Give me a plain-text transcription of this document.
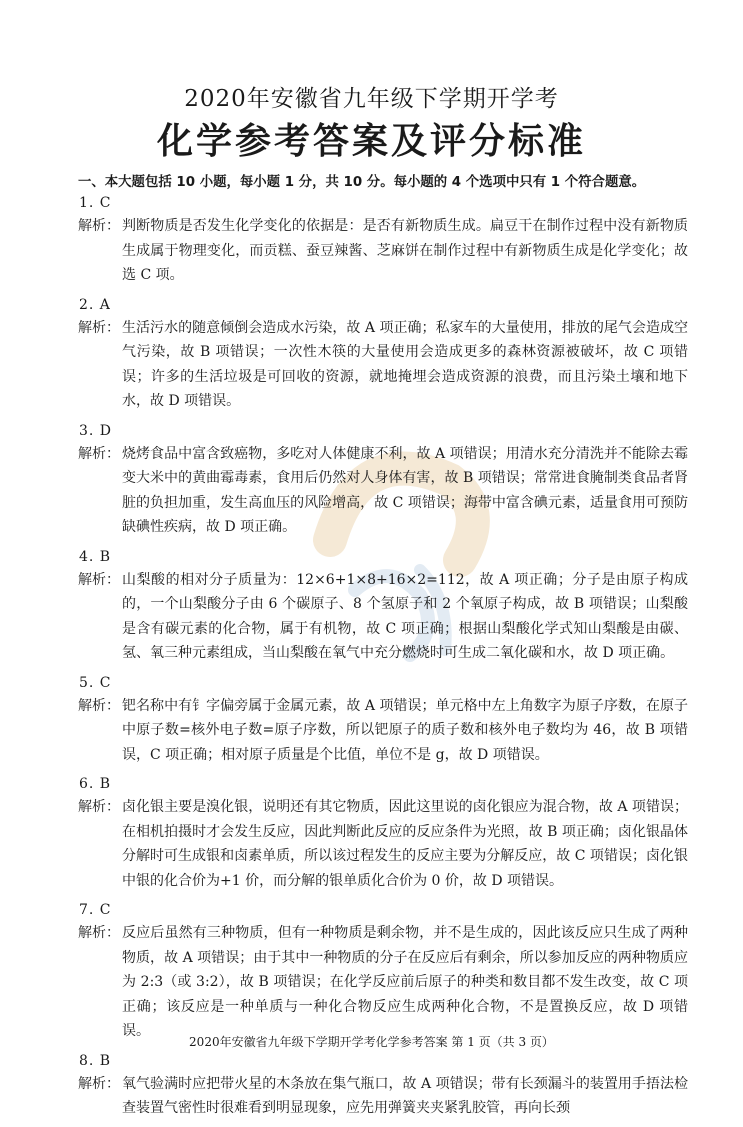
2020年安徽省九年级下学期开学考
化学参考答案及评分标准
一、本大题包括 10 小题，每小题 1 分，共 10 分。每小题的 4 个选项中只有 1 个符合题意。
1. C
解析： 判断物质是否发生化学变化的依据是：是否有新物质生成。扁豆干在制作过程中没有新物质生成属于物理变化，而贡糕、蚕豆辣酱、芝麻饼在制作过程中有新物质生成是化学变化；故选 C 项。
2. A
解析： 生活污水的随意倾倒会造成水污染，故 A 项正确；私家车的大量使用，排放的尾气会造成空气污染，故 B 项错误；一次性木筷的大量使用会造成更多的森林资源被破坏，故 C 项错误；许多的生活垃圾是可回收的资源，就地掩埋会造成资源的浪费，而且污染土壤和地下水，故 D 项错误。
3. D
解析： 烧烤食品中富含致癌物，多吃对人体健康不利，故 A 项错误；用清水充分清洗并不能除去霉变大米中的黄曲霉毒素，食用后仍然对人身体有害，故 B 项错误；常常进食腌制类食品者肾脏的负担加重，发生高血压的风险增高，故 C 项错误；海带中富含碘元素，适量食用可预防缺碘性疾病，故 D 项正确。
4. B
解析： 山梨酸的相对分子质量为：12×6+1×8+16×2=112，故 A 项正确；分子是由原子构成的，一个山梨酸分子由 6 个碳原子、8 个氢原子和 2 个氧原子构成，故 B 项错误；山梨酸是含有碳元素的化合物，属于有机物，故 C 项正确；根据山梨酸化学式知山梨酸是由碳、氢、氧三种元素组成，当山梨酸在氧气中充分燃烧时可生成二氧化碳和水，故 D 项正确。
5. C
解析： 钯名称中有钅字偏旁属于金属元素，故 A 项错误；单元格中左上角数字为原子序数，在原子中原子数=核外电子数=原子序数，所以钯原子的质子数和核外电子数均为 46，故 B 项错误，C 项正确；相对原子质量是个比值，单位不是 g，故 D 项错误。
6. B
解析： 卤化银主要是溴化银，说明还有其它物质，因此这里说的卤化银应为混合物，故 A 项错误；在相机拍摄时才会发生反应，因此判断此反应的反应条件为光照，故 B 项正确；卤化银晶体分解时可生成银和卤素单质，所以该过程发生的反应主要为分解反应，故 C 项错误；卤化银中银的化合价为+1 价，而分解的银单质化合价为 0 价，故 D 项错误。
7. C
解析： 反应后虽然有三种物质，但有一种物质是剩余物，并不是生成的，因此该反应只生成了两种物质，故 A 项错误；由于其中一种物质的分子在反应后有剩余，所以参加反应的两种物质应为 2:3（或 3:2），故 B 项错误；在化学反应前后原子的种类和数目都不发生改变，故 C 项正确；该反应是一种单质与一种化合物反应生成两种化合物，不是置换反应，故 D 项错误。
8. B
解析： 氧气验满时应把带火星的木条放在集气瓶口，故 A 项错误；带有长颈漏斗的装置用手捂法检查装置气密性时很难看到明显现象，应先用弹簧夹夹紧乳胶管，再向长颈
2020年安徽省九年级下学期开学考化学参考答案 第 1 页（共 3 页）
